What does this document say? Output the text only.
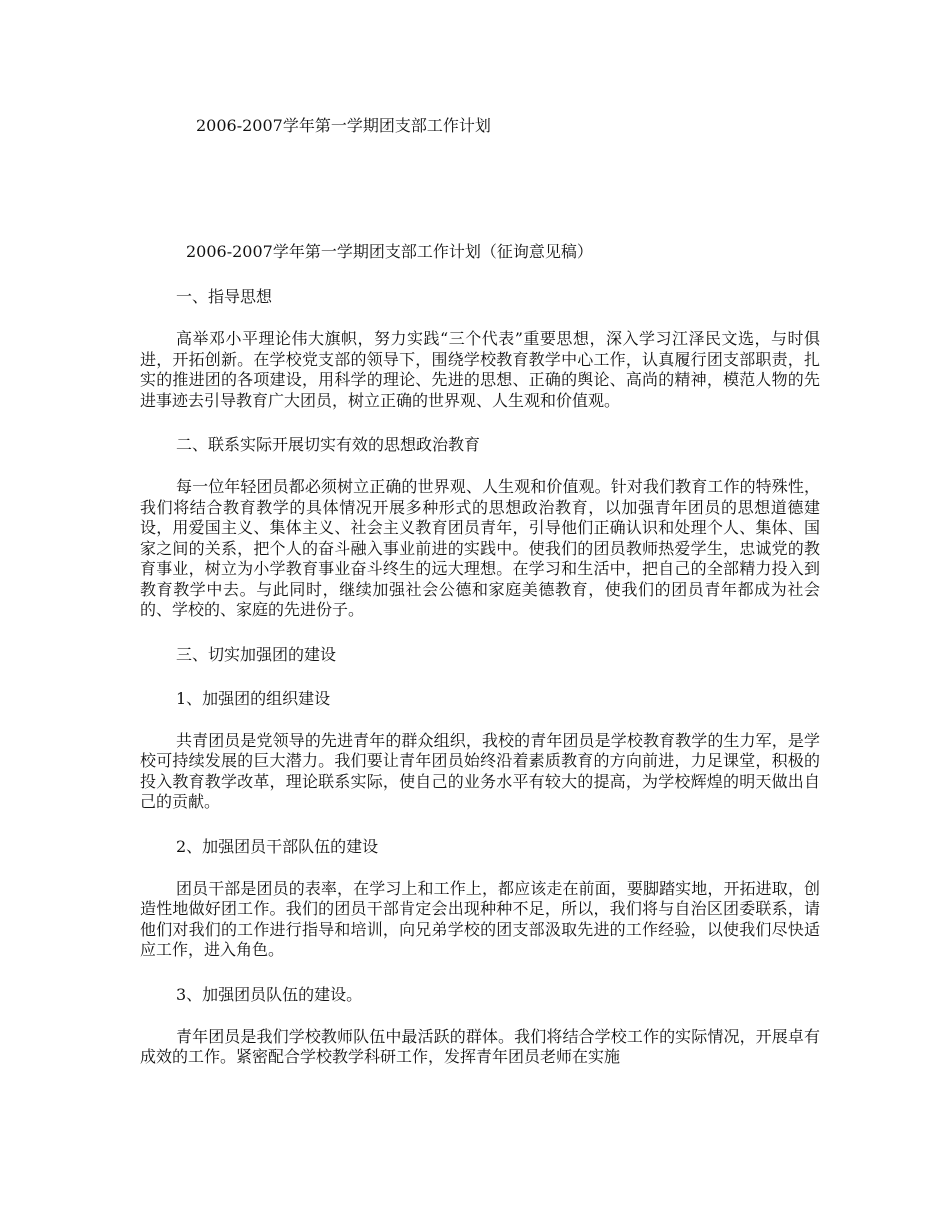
2006-2007学年第一学期团支部工作计划

2006-2007学年第一学期团支部工作计划（征询意见稿）

一、指导思想

高举邓小平理论伟大旗帜，努力实践“三个代表”重要思想，深入学习江泽民文选，与时俱进，开拓创新。在学校党支部的领导下，围绕学校教育教学中心工作，认真履行团支部职责，扎实的推进团的各项建设，用科学的理论、先进的思想、正确的舆论、高尚的精神，模范人物的先进事迹去引导教育广大团员，树立正确的世界观、人生观和价值观。

二、联系实际开展切实有效的思想政治教育

每一位年轻团员都必须树立正确的世界观、人生观和价值观。针对我们教育工作的特殊性，我们将结合教育教学的具体情况开展多种形式的思想政治教育，以加强青年团员的思想道德建设，用爱国主义、集体主义、社会主义教育团员青年，引导他们正确认识和处理个人、集体、国家之间的关系，把个人的奋斗融入事业前进的实践中。使我们的团员教师热爱学生，忠诚党的教育事业，树立为小学教育事业奋斗终生的远大理想。在学习和生活中，把自己的全部精力投入到教育教学中去。与此同时，继续加强社会公德和家庭美德教育，使我们的团员青年都成为社会的、学校的、家庭的先进份子。

三、切实加强团的建设

1、加强团的组织建设

共青团员是党领导的先进青年的群众组织，我校的青年团员是学校教育教学的生力军，是学校可持续发展的巨大潜力。我们要让青年团员始终沿着素质教育的方向前进，力足课堂，积极的投入教育教学改革，理论联系实际，使自己的业务水平有较大的提高，为学校辉煌的明天做出自己的贡献。

2、加强团员干部队伍的建设

团员干部是团员的表率，在学习上和工作上，都应该走在前面，要脚踏实地，开拓进取，创造性地做好团工作。我们的团员干部肯定会出现种种不足，所以，我们将与自治区团委联系，请他们对我们的工作进行指导和培训，向兄弟学校的团支部汲取先进的工作经验，以使我们尽快适应工作，进入角色。

3、加强团员队伍的建设。

青年团员是我们学校教师队伍中最活跃的群体。我们将结合学校工作的实际情况，开展卓有成效的工作。紧密配合学校教学科研工作，发挥青年团员老师在实施
